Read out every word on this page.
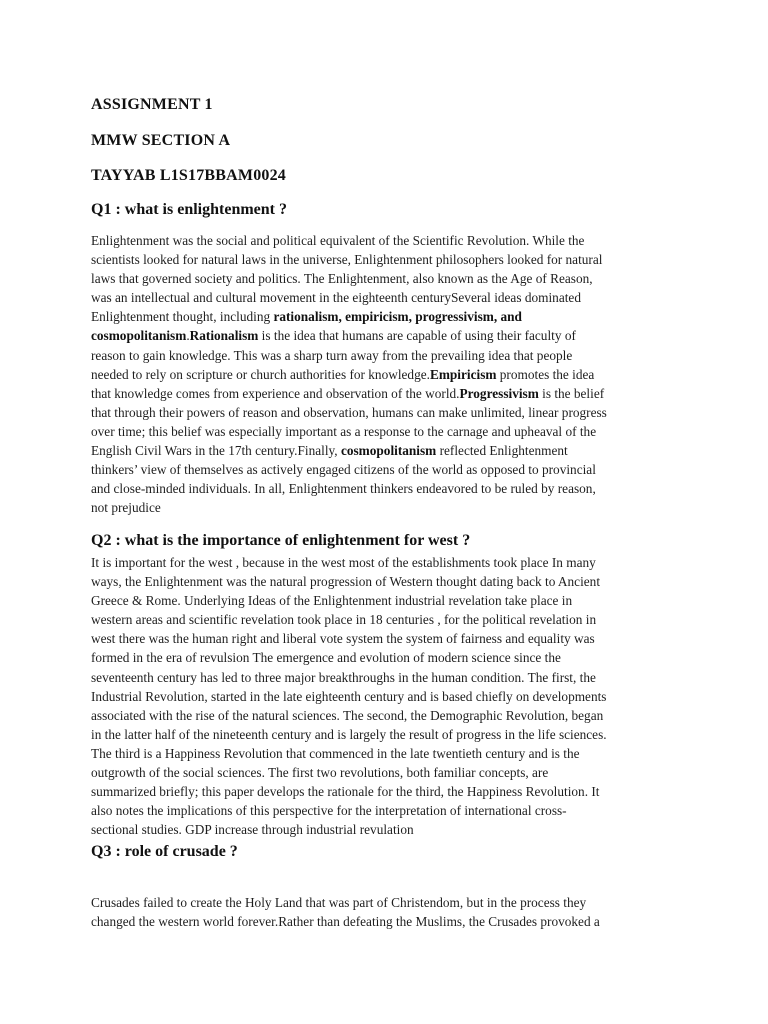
ASSIGNMENT 1
MMW SECTION A
TAYYAB L1S17BBAM0024
Q1 : what is enlightenment ?
Enlightenment was the social and political equivalent of the Scientific Revolution. While the
scientists looked for natural laws in the universe, Enlightenment philosophers looked for natural
laws that governed society and politics. The Enlightenment, also known as the Age of Reason,
was an intellectual and cultural movement in the eighteenth centurySeveral ideas dominated
Enlightenment thought, including rationalism, empiricism, progressivism, and
cosmopolitanism.Rationalism is the idea that humans are capable of using their faculty of
reason to gain knowledge. This was a sharp turn away from the prevailing idea that people
needed to rely on scripture or church authorities for knowledge.Empiricism promotes the idea
that knowledge comes from experience and observation of the world.Progressivism is the belief
that through their powers of reason and observation, humans can make unlimited, linear progress
over time; this belief was especially important as a response to the carnage and upheaval of the
English Civil Wars in the 17th century.Finally, cosmopolitanism reflected Enlightenment
thinkers’ view of themselves as actively engaged citizens of the world as opposed to provincial
and close-minded individuals. In all, Enlightenment thinkers endeavored to be ruled by reason,
not prejudice
Q2 : what is the importance of enlightenment for west ?
It is important for the west , because in the west most of the establishments took place In many
ways, the Enlightenment was the natural progression of Western thought dating back to Ancient
Greece & Rome. Underlying Ideas of the Enlightenment industrial revelation take place in
western areas and scientific revelation took place in 18 centuries , for the political revelation in
west there was the human right and liberal vote system the system of fairness and equality was
formed in the era of revulsion The emergence and evolution of modern science since the
seventeenth century has led to three major breakthroughs in the human condition. The first, the
Industrial Revolution, started in the late eighteenth century and is based chiefly on developments
associated with the rise of the natural sciences. The second, the Demographic Revolution, began
in the latter half of the nineteenth century and is largely the result of progress in the life sciences.
The third is a Happiness Revolution that commenced in the late twentieth century and is the
outgrowth of the social sciences. The first two revolutions, both familiar concepts, are
summarized briefly; this paper develops the rationale for the third, the Happiness Revolution. It
also notes the implications of this perspective for the interpretation of international cross-
sectional studies. GDP increase through industrial revulation
Q3 : role of crusade ?
Crusades failed to create the Holy Land that was part of Christendom, but in the process they
changed the western world forever.Rather than defeating the Muslims, the Crusades provoked a
